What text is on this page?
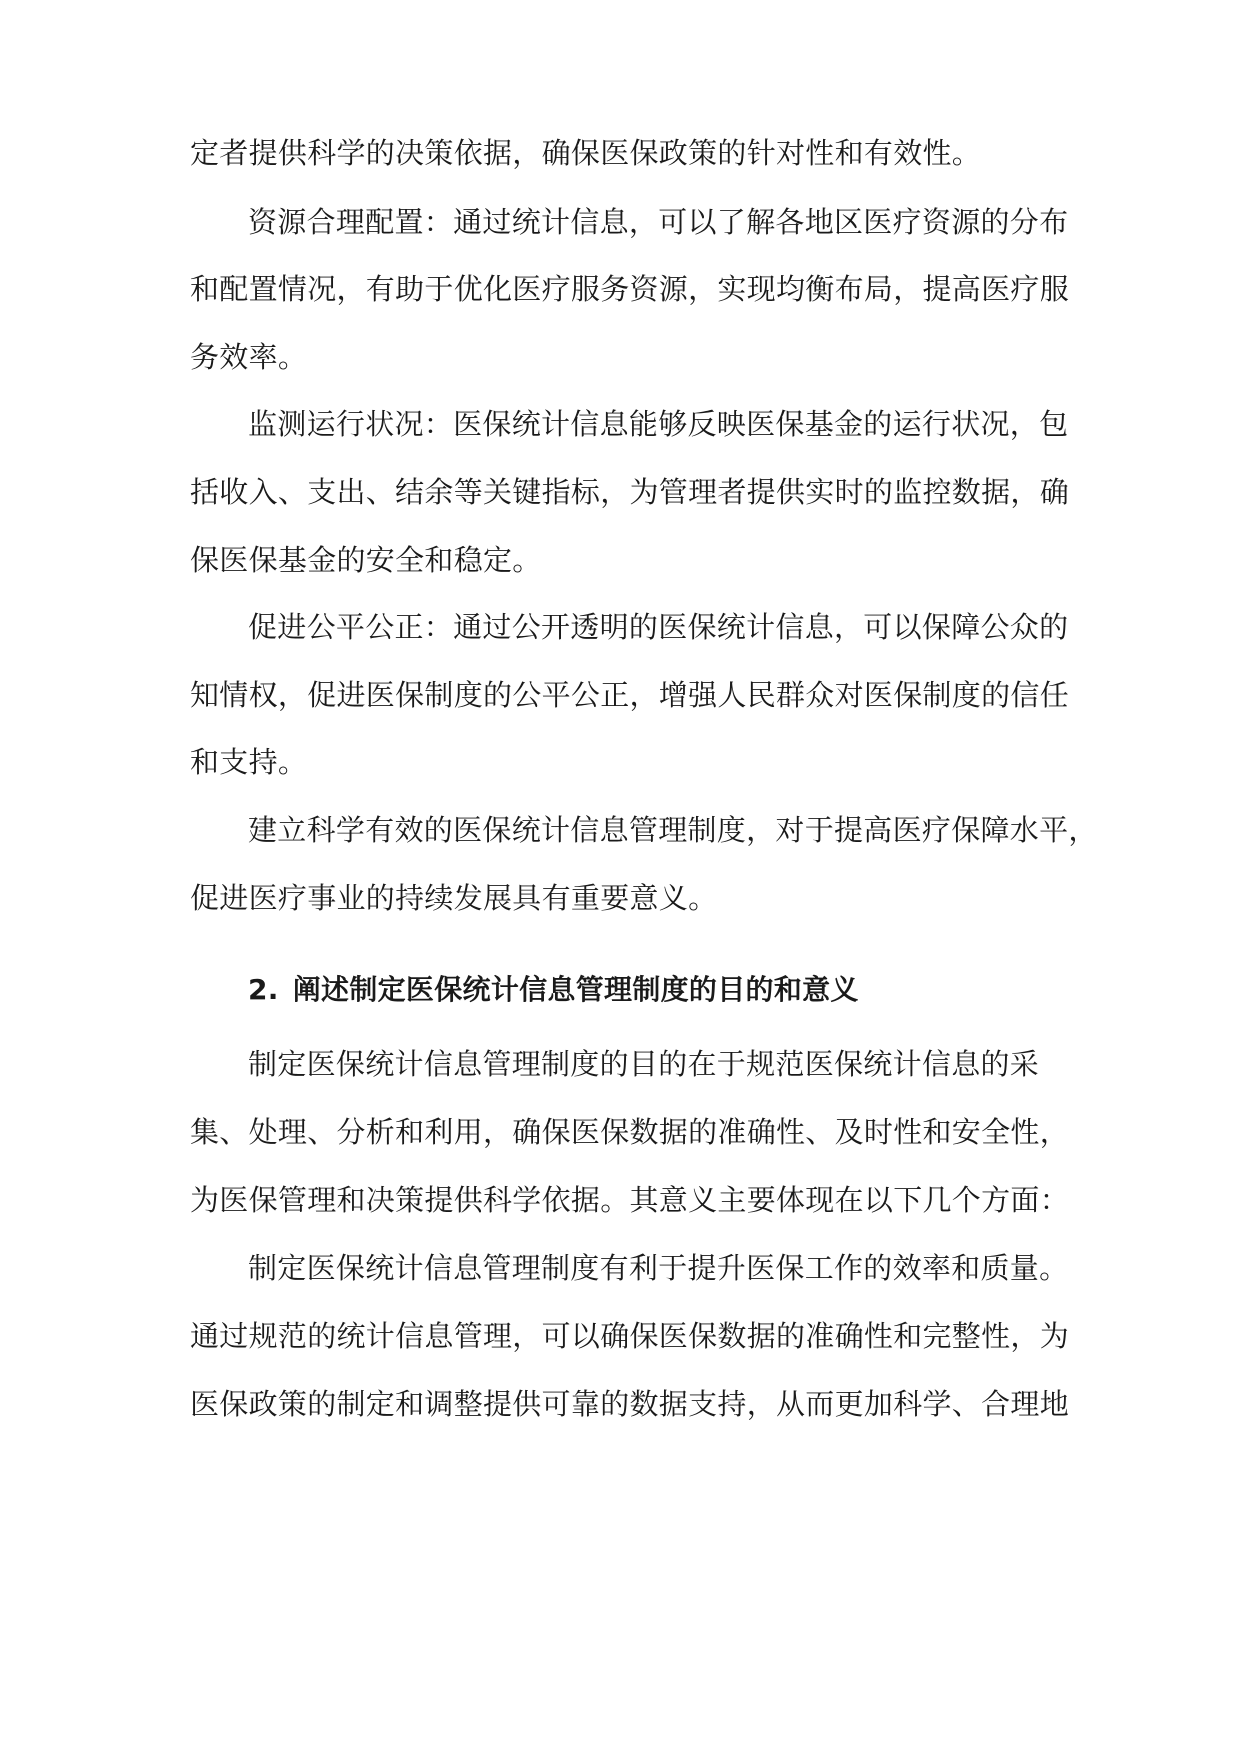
定者提供科学的决策依据，确保医保政策的针对性和有效性。
资源合理配置：通过统计信息，可以了解各地区医疗资源的分布
和配置情况，有助于优化医疗服务资源，实现均衡布局，提高医疗服
务效率。
监测运行状况：医保统计信息能够反映医保基金的运行状况，包
括收入、支出、结余等关键指标，为管理者提供实时的监控数据，确
保医保基金的安全和稳定。
促进公平公正：通过公开透明的医保统计信息，可以保障公众的
知情权，促进医保制度的公平公正，增强人民群众对医保制度的信任
和支持。
建立科学有效的医保统计信息管理制度，对于提高医疗保障水平，
促进医疗事业的持续发展具有重要意义。
2. 阐述制定医保统计信息管理制度的目的和意义
制定医保统计信息管理制度的目的在于规范医保统计信息的采
集、处理、分析和利用，确保医保数据的准确性、及时性和安全性，
为医保管理和决策提供科学依据。其意义主要体现在以下几个方面：
制定医保统计信息管理制度有利于提升医保工作的效率和质量。
通过规范的统计信息管理，可以确保医保数据的准确性和完整性，为
医保政策的制定和调整提供可靠的数据支持，从而更加科学、合理地
